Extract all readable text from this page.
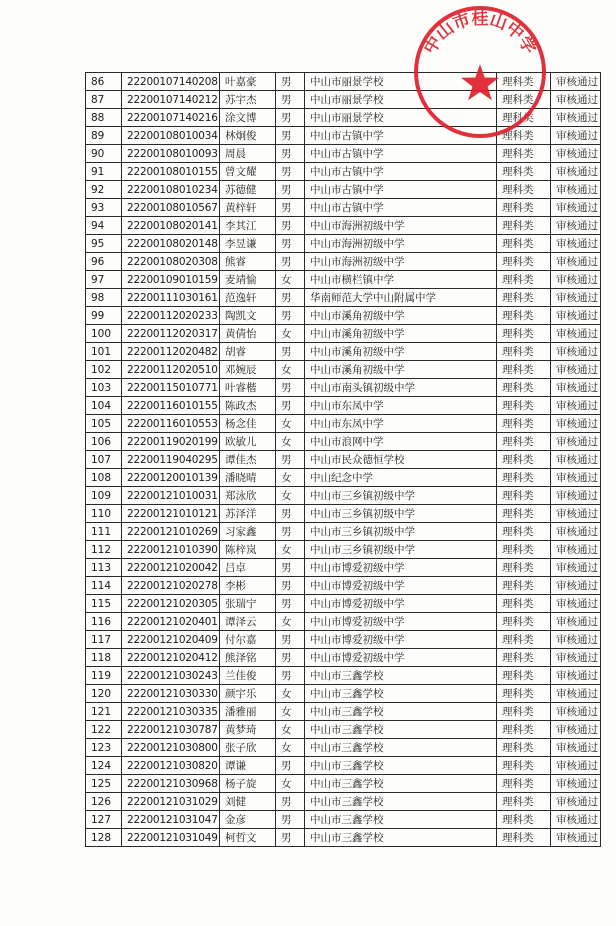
86	22200107140208	叶嘉豪	男	中山市丽景学校	理科类	审核通过
87	22200107140212	苏宇杰	男	中山市丽景学校	理科类	审核通过
88	22200107140216	涂文博	男	中山市丽景学校	理科类	审核通过
89	22200108010034	林炯俊	男	中山市古镇中学	理科类	审核通过
90	22200108010093	周晨	男	中山市古镇中学	理科类	审核通过
91	22200108010155	曾文耀	男	中山市古镇中学	理科类	审核通过
92	22200108010234	苏德健	男	中山市古镇中学	理科类	审核通过
93	22200108010567	黄梓轩	男	中山市古镇中学	理科类	审核通过
94	22200108020141	李其江	男	中山市海洲初级中学	理科类	审核通过
95	22200108020148	李昱谦	男	中山市海洲初级中学	理科类	审核通过
96	22200108020308	熊睿	男	中山市海洲初级中学	理科类	审核通过
97	22200109010159	麦靖愉	女	中山市横栏镇中学	理科类	审核通过
98	22200111030161	范逸轩	男	华南师范大学中山附属中学	理科类	审核通过
99	22200112020233	陶凯文	男	中山市溪角初级中学	理科类	审核通过
100	22200112020317	黄倩怡	女	中山市溪角初级中学	理科类	审核通过
101	22200112020482	胡睿	男	中山市溪角初级中学	理科类	审核通过
102	22200112020510	邓婉辰	女	中山市溪角初级中学	理科类	审核通过
103	22200115010771	叶睿楷	男	中山市南头镇初级中学	理科类	审核通过
104	22200116010155	陈政杰	男	中山市东凤中学	理科类	审核通过
105	22200116010553	杨念佳	女	中山市东凤中学	理科类	审核通过
106	22200119020199	欧敏儿	女	中山市浪网中学	理科类	审核通过
107	22200119040295	谭佳杰	男	中山市民众德恒学校	理科类	审核通过
108	22200120010139	潘晓晴	女	中山纪念中学	理科类	审核通过
109	22200121010031	郑泳欣	女	中山市三乡镇初级中学	理科类	审核通过
110	22200121010121	苏泽洋	男	中山市三乡镇初级中学	理科类	审核通过
111	22200121010269	习家鑫	男	中山市三乡镇初级中学	理科类	审核通过
112	22200121010390	陈梓岚	女	中山市三乡镇初级中学	理科类	审核通过
113	22200121020042	吕卓	男	中山市博爱初级中学	理科类	审核通过
114	22200121020278	李彬	男	中山市博爱初级中学	理科类	审核通过
115	22200121020305	张瑞宁	男	中山市博爱初级中学	理科类	审核通过
116	22200121020401	谭泽云	女	中山市博爱初级中学	理科类	审核通过
117	22200121020409	付尔嘉	男	中山市博爱初级中学	理科类	审核通过
118	22200121020412	熊泽铭	男	中山市博爱初级中学	理科类	审核通过
119	22200121030243	兰佳俊	男	中山市三鑫学校	理科类	审核通过
120	22200121030330	颜宇乐	女	中山市三鑫学校	理科类	审核通过
121	22200121030335	潘雅丽	女	中山市三鑫学校	理科类	审核通过
122	22200121030787	黄梦琦	女	中山市三鑫学校	理科类	审核通过
123	22200121030800	张子欣	女	中山市三鑫学校	理科类	审核通过
124	22200121030820	谭谦	男	中山市三鑫学校	理科类	审核通过
125	22200121030968	杨子旋	女	中山市三鑫学校	理科类	审核通过
126	22200121031029	刘健	男	中山市三鑫学校	理科类	审核通过
127	22200121031047	金彦	男	中山市三鑫学校	理科类	审核通过
128	22200121031049	柯哲文	男	中山市三鑫学校	理科类	审核通过
中山市桂山中学
